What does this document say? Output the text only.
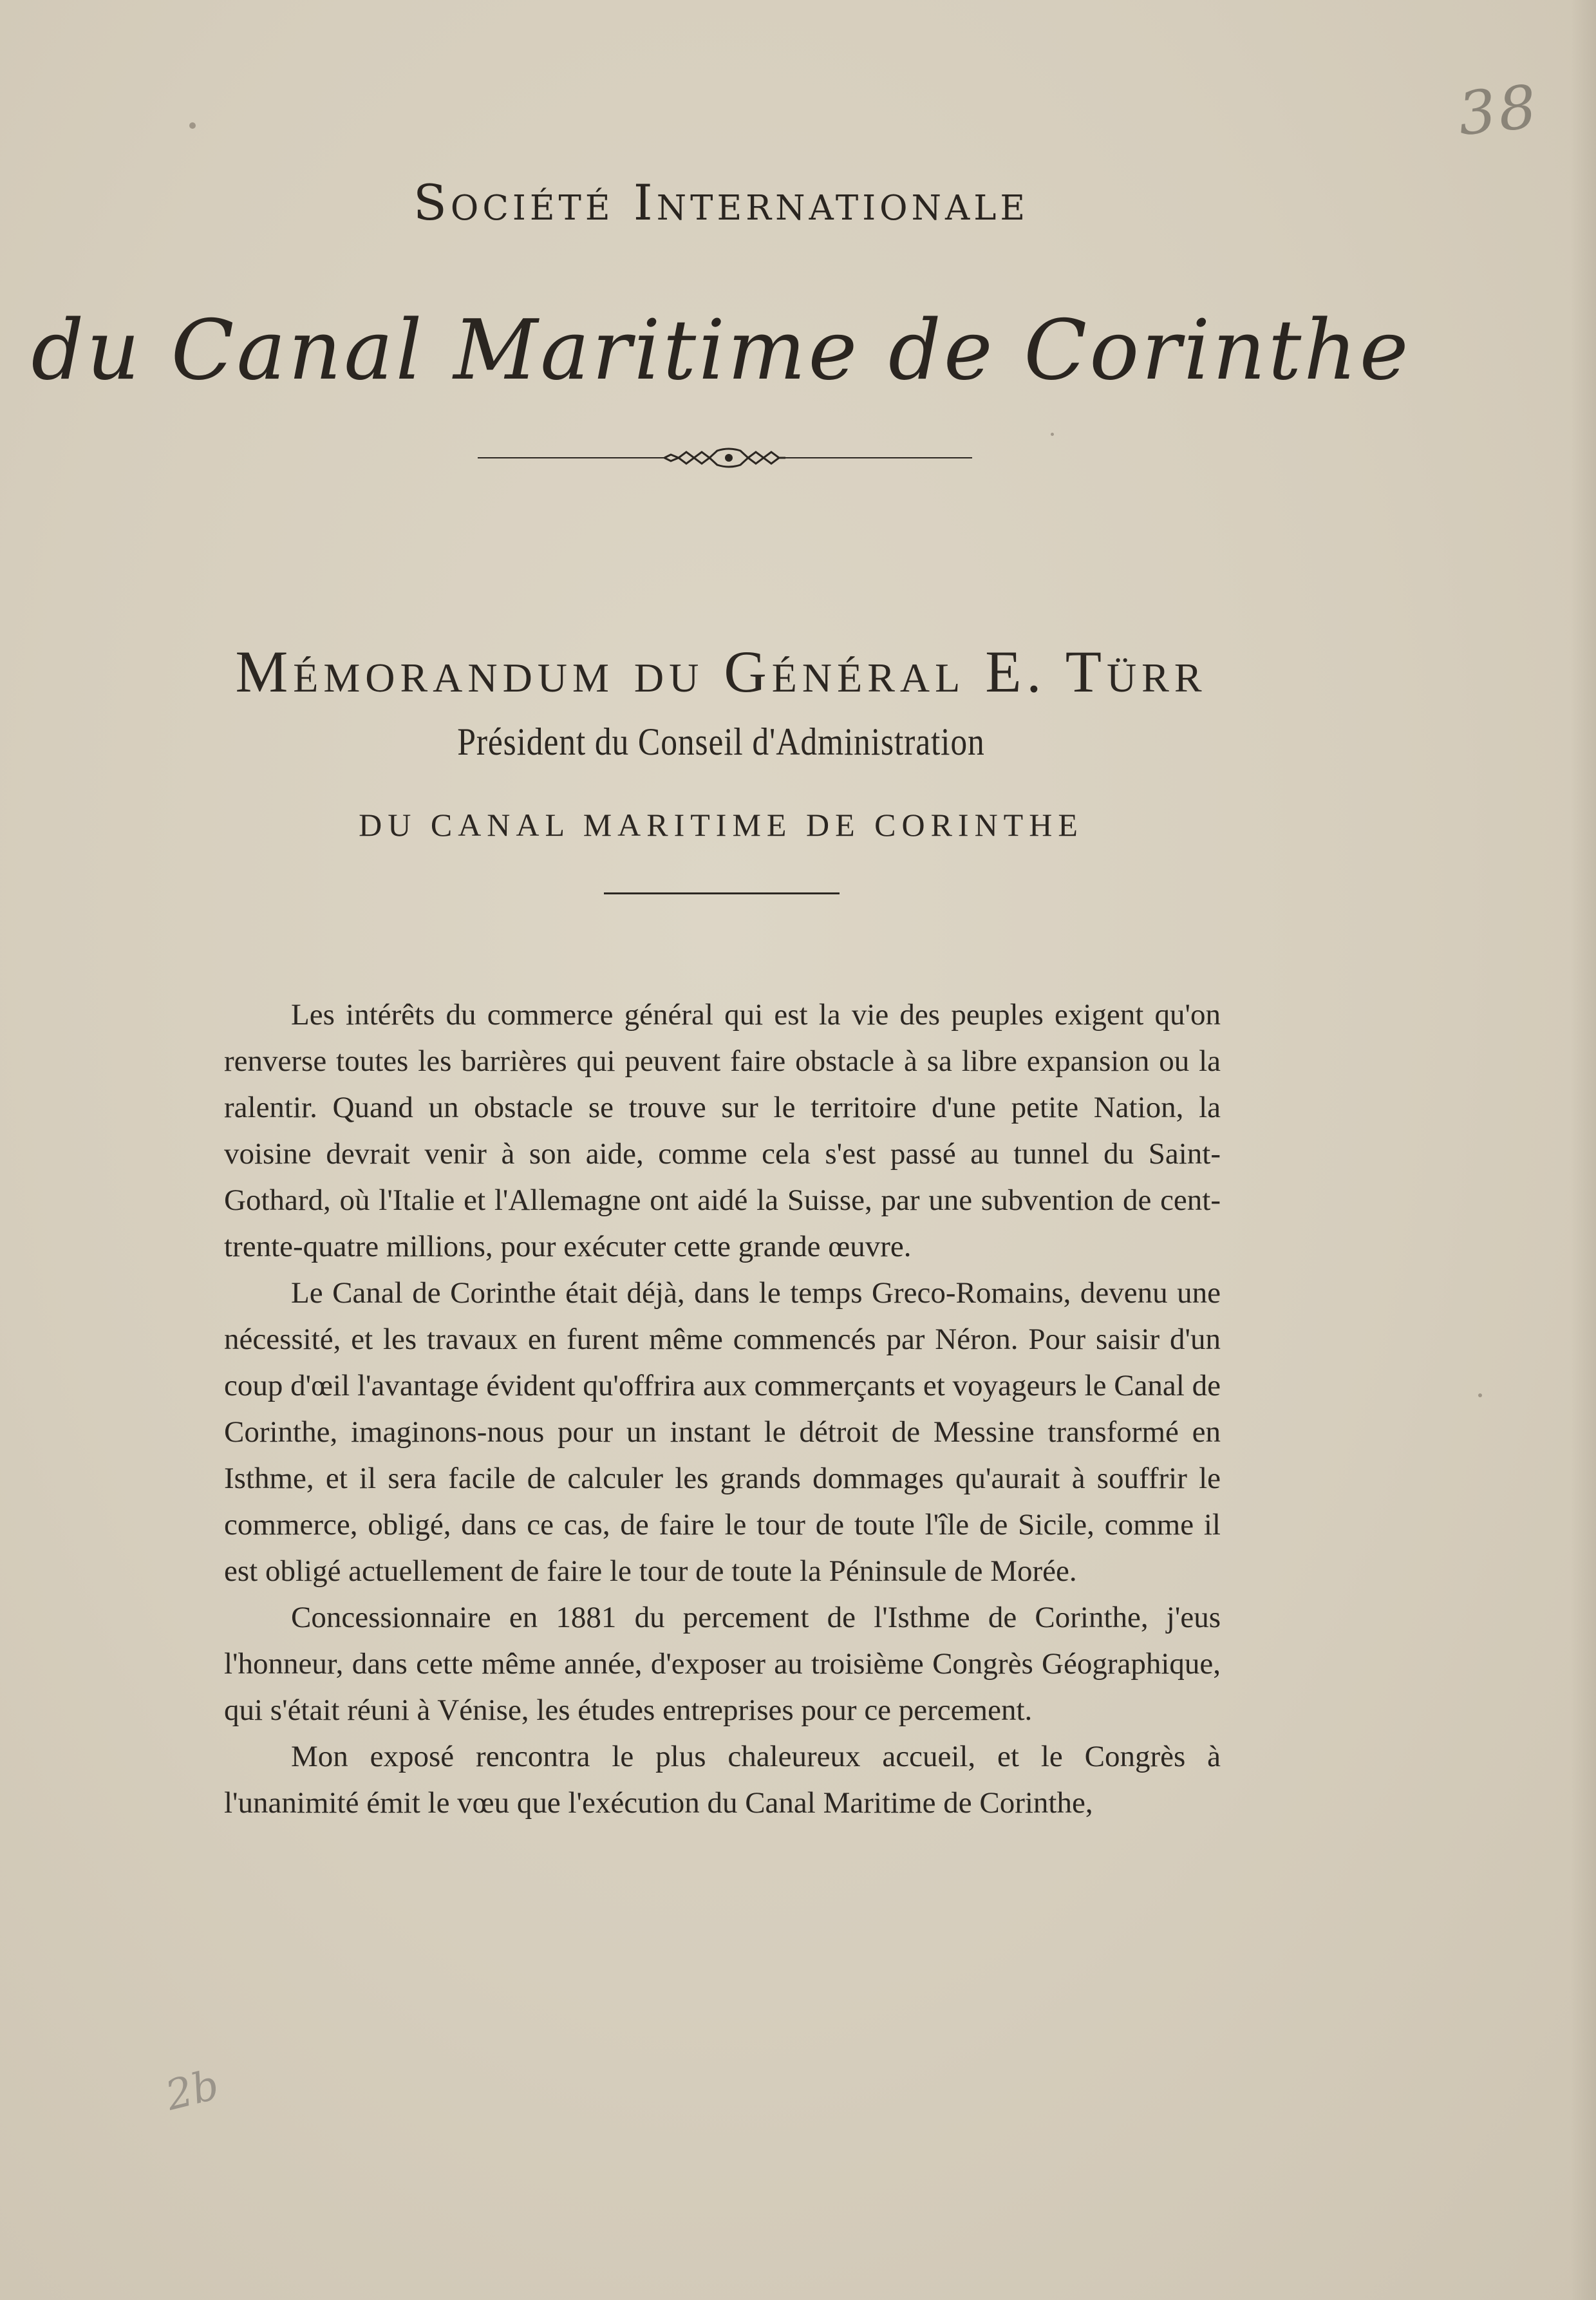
38
Société Internationale
du Canal Maritime de Corinthe
Mémorandum du Général E. Türr
Président du Conseil d'Administration
DU CANAL MARITIME DE CORINTHE

Les intérêts du commerce général qui est la vie des peuples exigent qu'on renverse toutes les barrières qui peuvent faire obstacle à sa libre expansion ou la ralentir. Quand un obstacle se trouve sur le territoire d'une petite Nation, la voisine devrait venir à son aide, comme cela s'est passé au tunnel du Saint-Gothard, où l'Italie et l'Allemagne ont aidé la Suisse, par une subvention de cent-trente-quatre millions, pour exécuter cette grande œuvre.

Le Canal de Corinthe était déjà, dans le temps Greco-Romains, devenu une nécessité, et les travaux en furent même commencés par Néron. Pour saisir d'un coup d'œil l'avantage évident qu'offrira aux commerçants et voyageurs le Canal de Corinthe, imaginons-nous pour un instant le détroit de Messine transformé en Isthme, et il sera facile de calculer les grands dommages qu'aurait à souffrir le commerce, obligé, dans ce cas, de faire le tour de toute l'île de Sicile, comme il est obligé actuellement de faire le tour de toute la Péninsule de Morée.

Concessionnaire en 1881 du percement de l'Isthme de Corinthe, j'eus l'honneur, dans cette même année, d'exposer au troisième Congrès Géographique, qui s'était réuni à Vénise, les études entreprises pour ce percement.

Mon exposé rencontra le plus chaleureux accueil, et le Congrès à l'unanimité émit le vœu que l'exécution du Canal Maritime de Corinthe,

2b
